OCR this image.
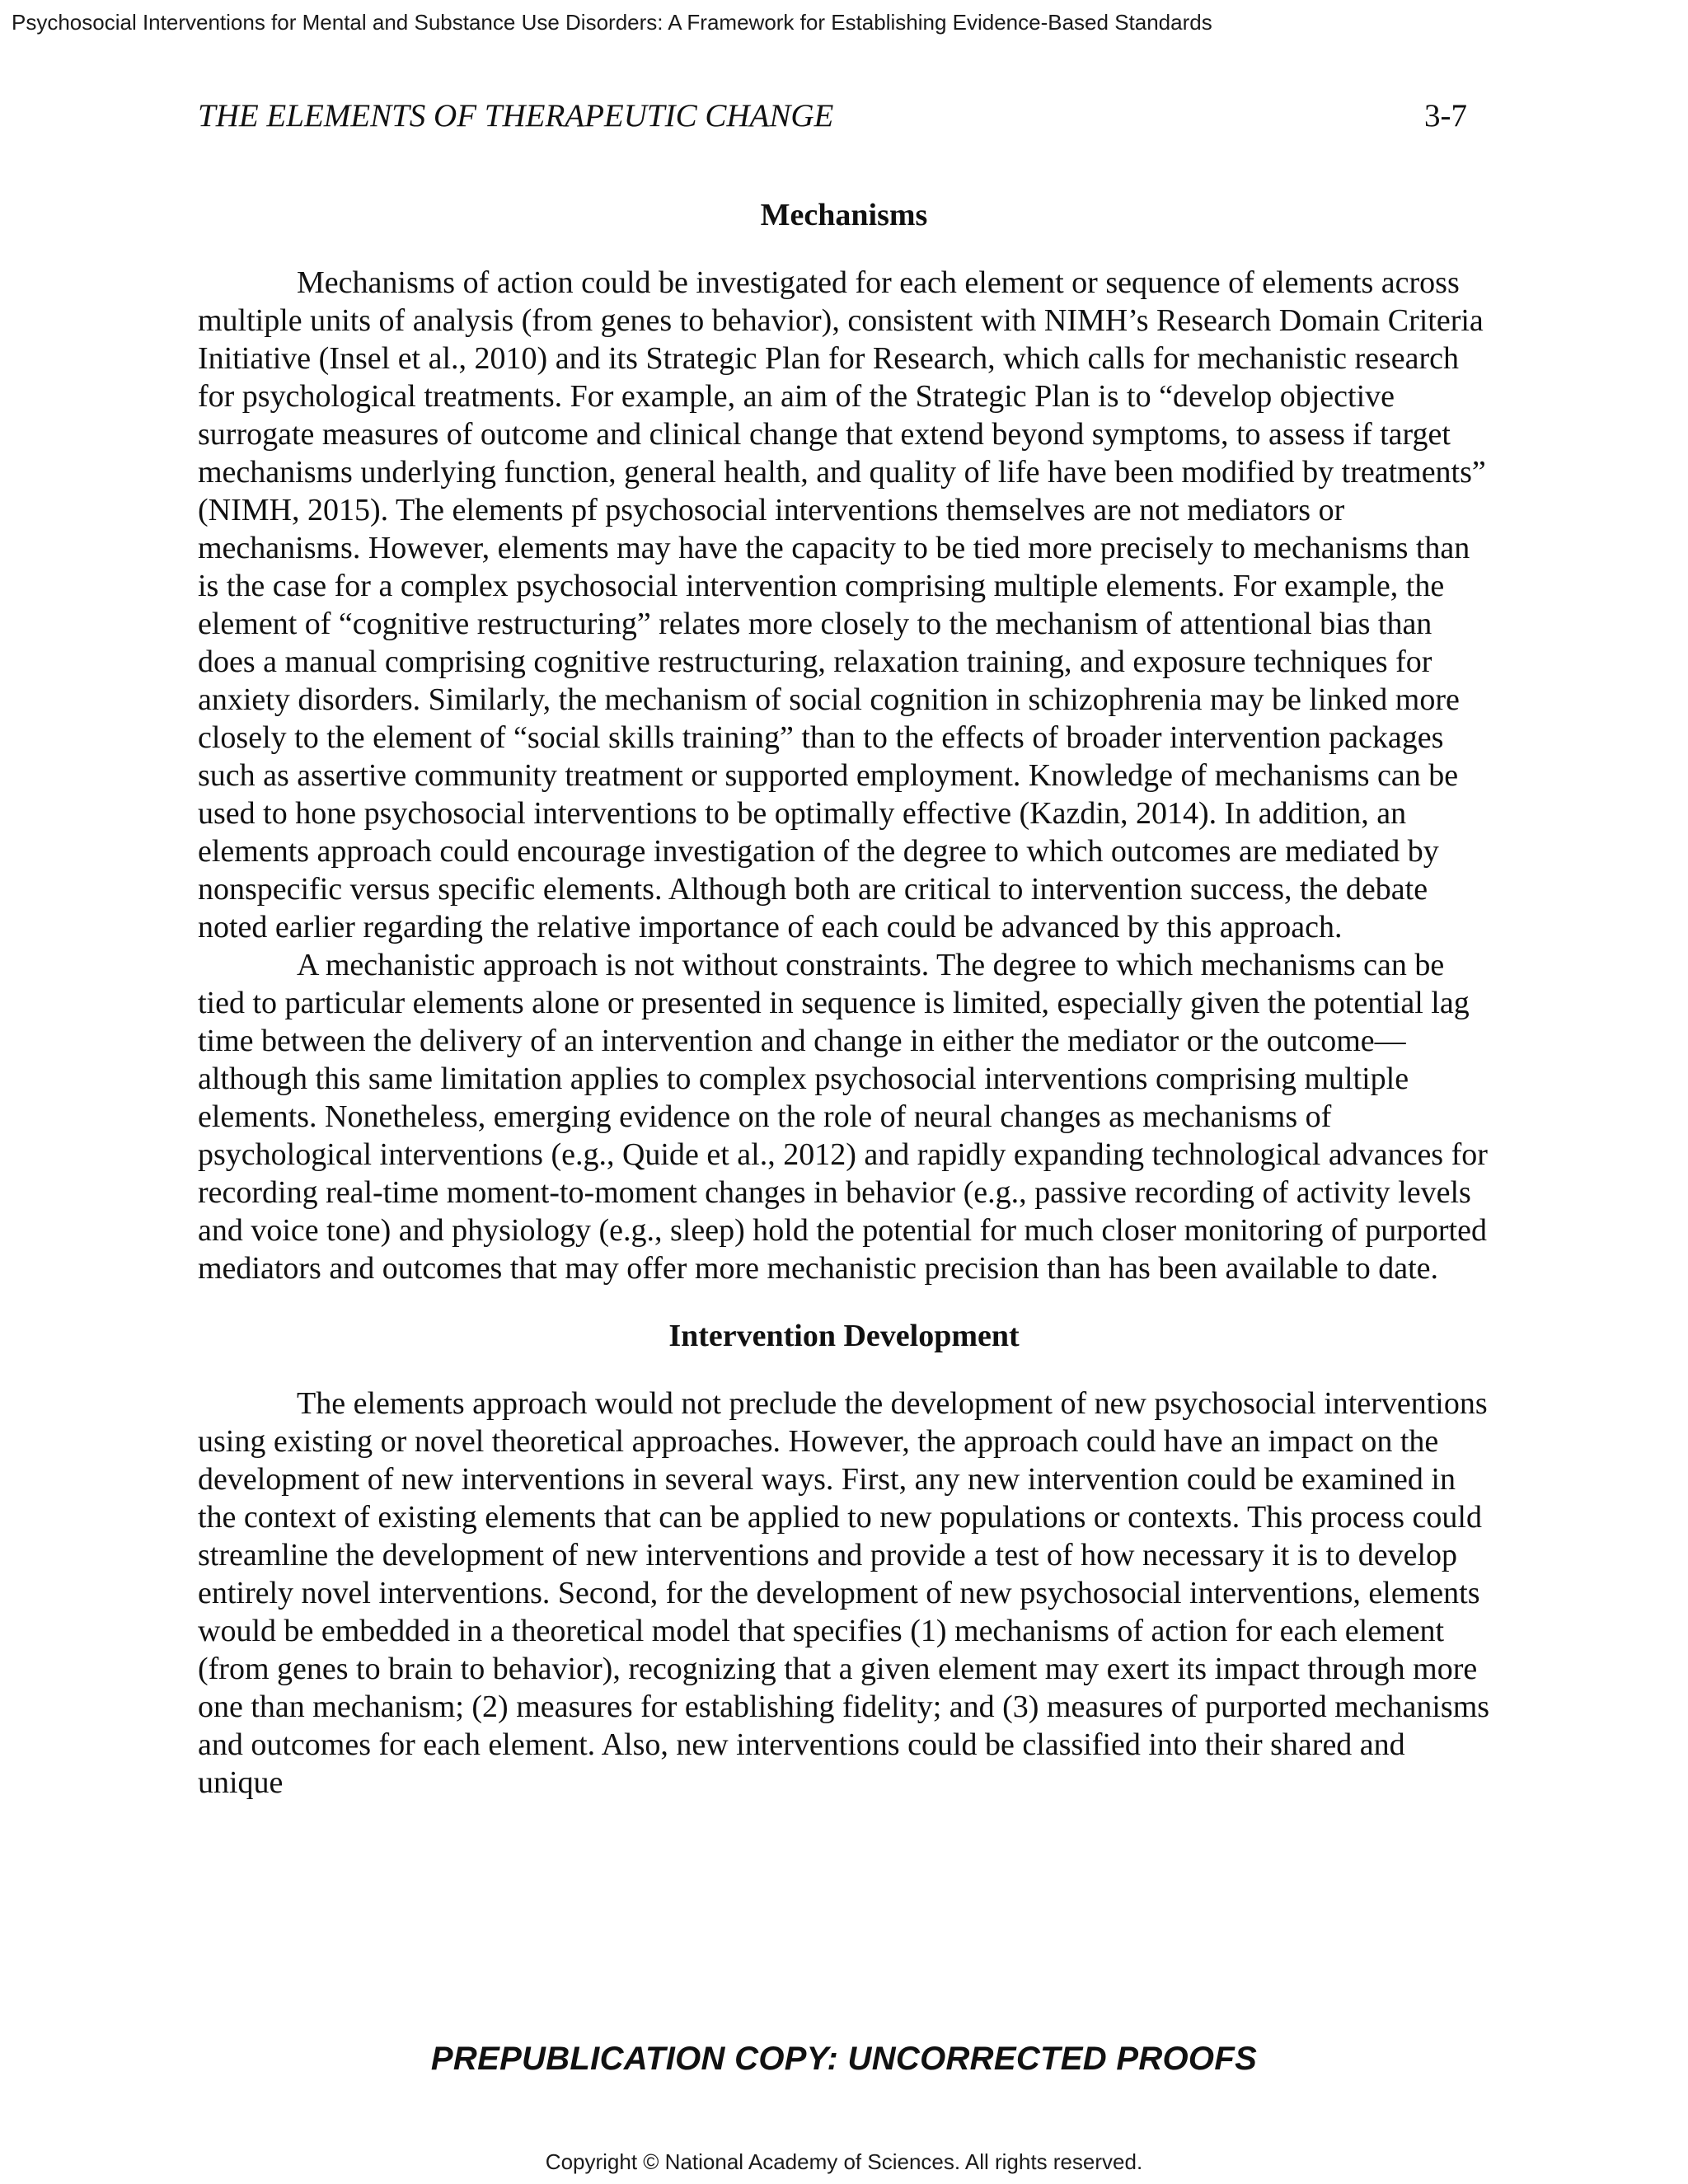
Psychosocial Interventions for Mental and Substance Use Disorders: A Framework for Establishing Evidence-Based Standards
THE ELEMENTS OF THERAPEUTIC CHANGE	3-7
Mechanisms

Mechanisms of action could be investigated for each element or sequence of elements across multiple units of analysis (from genes to behavior), consistent with NIMH’s Research Domain Criteria Initiative (Insel et al., 2010) and its Strategic Plan for Research, which calls for mechanistic research for psychological treatments. For example, an aim of the Strategic Plan is to “develop objective surrogate measures of outcome and clinical change that extend beyond symptoms, to assess if target mechanisms underlying function, general health, and quality of life have been modified by treatments” (NIMH, 2015). The elements pf psychosocial interventions themselves are not mediators or mechanisms. However, elements may have the capacity to be tied more precisely to mechanisms than is the case for a complex psychosocial intervention comprising multiple elements. For example, the element of “cognitive restructuring” relates more closely to the mechanism of attentional bias than does a manual comprising cognitive restructuring, relaxation training, and exposure techniques for anxiety disorders. Similarly, the mechanism of social cognition in schizophrenia may be linked more closely to the element of “social skills training” than to the effects of broader intervention packages such as assertive community treatment or supported employment. Knowledge of mechanisms can be used to hone psychosocial interventions to be optimally effective (Kazdin, 2014). In addition, an elements approach could encourage investigation of the degree to which outcomes are mediated by nonspecific versus specific elements. Although both are critical to intervention success, the debate noted earlier regarding the relative importance of each could be advanced by this approach.

A mechanistic approach is not without constraints. The degree to which mechanisms can be tied to particular elements alone or presented in sequence is limited, especially given the potential lag time between the delivery of an intervention and change in either the mediator or the outcome—although this same limitation applies to complex psychosocial interventions comprising multiple elements. Nonetheless, emerging evidence on the role of neural changes as mechanisms of psychological interventions (e.g., Quide et al., 2012) and rapidly expanding technological advances for recording real-time moment-to-moment changes in behavior (e.g., passive recording of activity levels and voice tone) and physiology (e.g., sleep) hold the potential for much closer monitoring of purported mediators and outcomes that may offer more mechanistic precision than has been available to date.

Intervention Development

The elements approach would not preclude the development of new psychosocial interventions using existing or novel theoretical approaches. However, the approach could have an impact on the development of new interventions in several ways. First, any new intervention could be examined in the context of existing elements that can be applied to new populations or contexts. This process could streamline the development of new interventions and provide a test of how necessary it is to develop entirely novel interventions. Second, for the development of new psychosocial interventions, elements would be embedded in a theoretical model that specifies (1) mechanisms of action for each element (from genes to brain to behavior), recognizing that a given element may exert its impact through more one than mechanism; (2) measures for establishing fidelity; and (3) measures of purported mechanisms and outcomes for each element. Also, new interventions could be classified into their shared and unique

PREPUBLICATION COPY: UNCORRECTED PROOFS
Copyright © National Academy of Sciences. All rights reserved.
